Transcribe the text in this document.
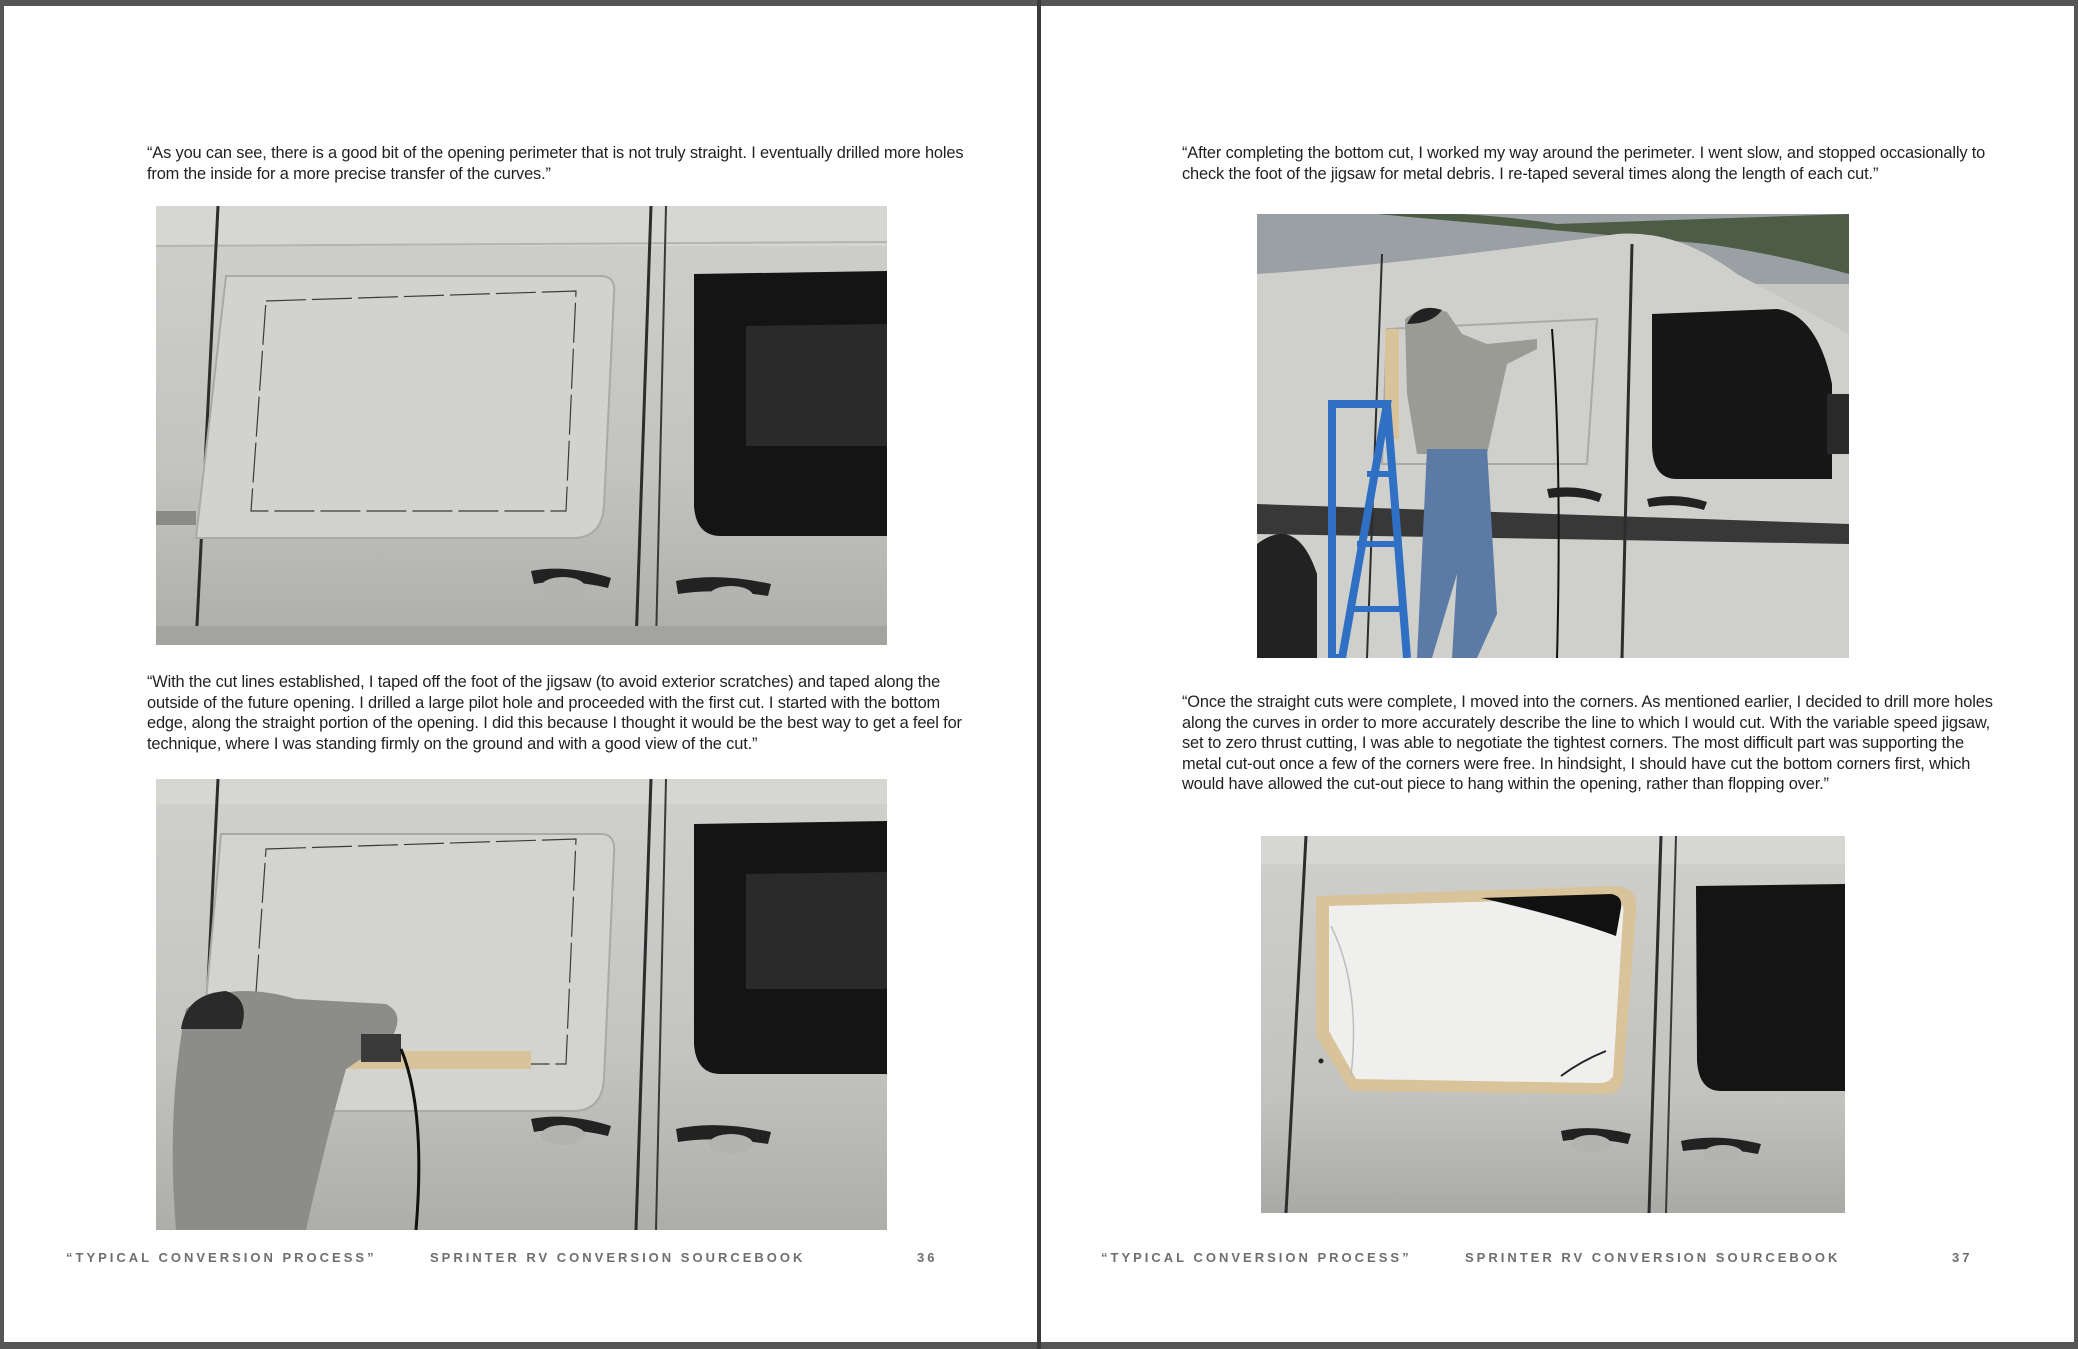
“As you can see, there is a good bit of the opening perimeter that is not truly straight. I eventually drilled more holes from the inside for a more precise transfer of the curves.”

“With the cut lines established, I taped off the foot of the jigsaw (to avoid exterior scratches) and taped along the outside of the future opening. I drilled a large pilot hole and proceeded with the first cut. I started with the bottom edge, along the straight portion of the opening. I did this because I thought it would be the best way to get a feel for technique, where I was standing firmly on the ground and with a good view of the cut.”

“TYPICAL CONVERSION PROCESS”	SPRINTER RV CONVERSION SOURCEBOOK	36

“After completing the bottom cut, I worked my way around the perimeter. I went slow, and stopped occasionally to check the foot of the jigsaw for metal debris. I re-taped several times along the length of each cut.”

“Once the straight cuts were complete, I moved into the corners. As mentioned earlier, I decided to drill more holes along the curves in order to more accurately describe the line to which I would cut. With the variable speed jigsaw, set to zero thrust cutting, I was able to negotiate the tightest corners. The most difficult part was supporting the metal cut-out once a few of the corners were free. In hindsight, I should have cut the bottom corners first, which would have allowed the cut-out piece to hang within the opening, rather than flopping over.”

“TYPICAL CONVERSION PROCESS”	SPRINTER RV CONVERSION SOURCEBOOK	37
